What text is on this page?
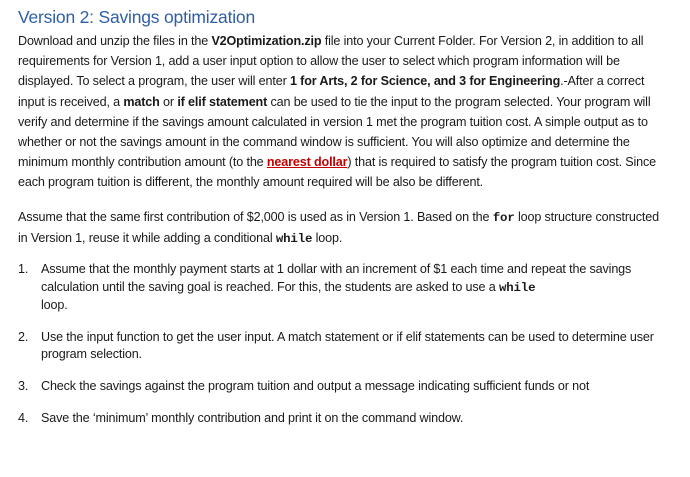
Version 2: Savings optimization

Download and unzip the files in the V2Optimization.zip file into your Current Folder. For Version 2, in addition to all requirements for Version 1, add a user input option to allow the user to select which program information will be displayed. To select a program, the user will enter 1 for Arts, 2 for Science, and 3 for Engineering.-After a correct input is received, a match or if elif statement can be used to tie the input to the program selected. Your program will verify and determine if the savings amount calculated in version 1 met the program tuition cost. A simple output as to whether or not the savings amount in the command window is sufficient. You will also optimize and determine the minimum monthly contribution amount (to the nearest dollar) that is required to satisfy the program tuition cost. Since each program tuition is different, the monthly amount required will be also be different.

Assume that the same first contribution of $2,000 is used as in Version 1. Based on the for loop structure constructed in Version 1, reuse it while adding a conditional while loop.

1. Assume that the monthly payment starts at 1 dollar with an increment of $1 each time and repeat the savings calculation until the saving goal is reached. For this, the students are asked to use a while
loop.
2. Use the input function to get the user input. A match statement or if elif statements can be used to determine user program selection.
3. Check the savings against the program tuition and output a message indicating sufficient funds or not
4. Save the ‘minimum’ monthly contribution and print it on the command window.
